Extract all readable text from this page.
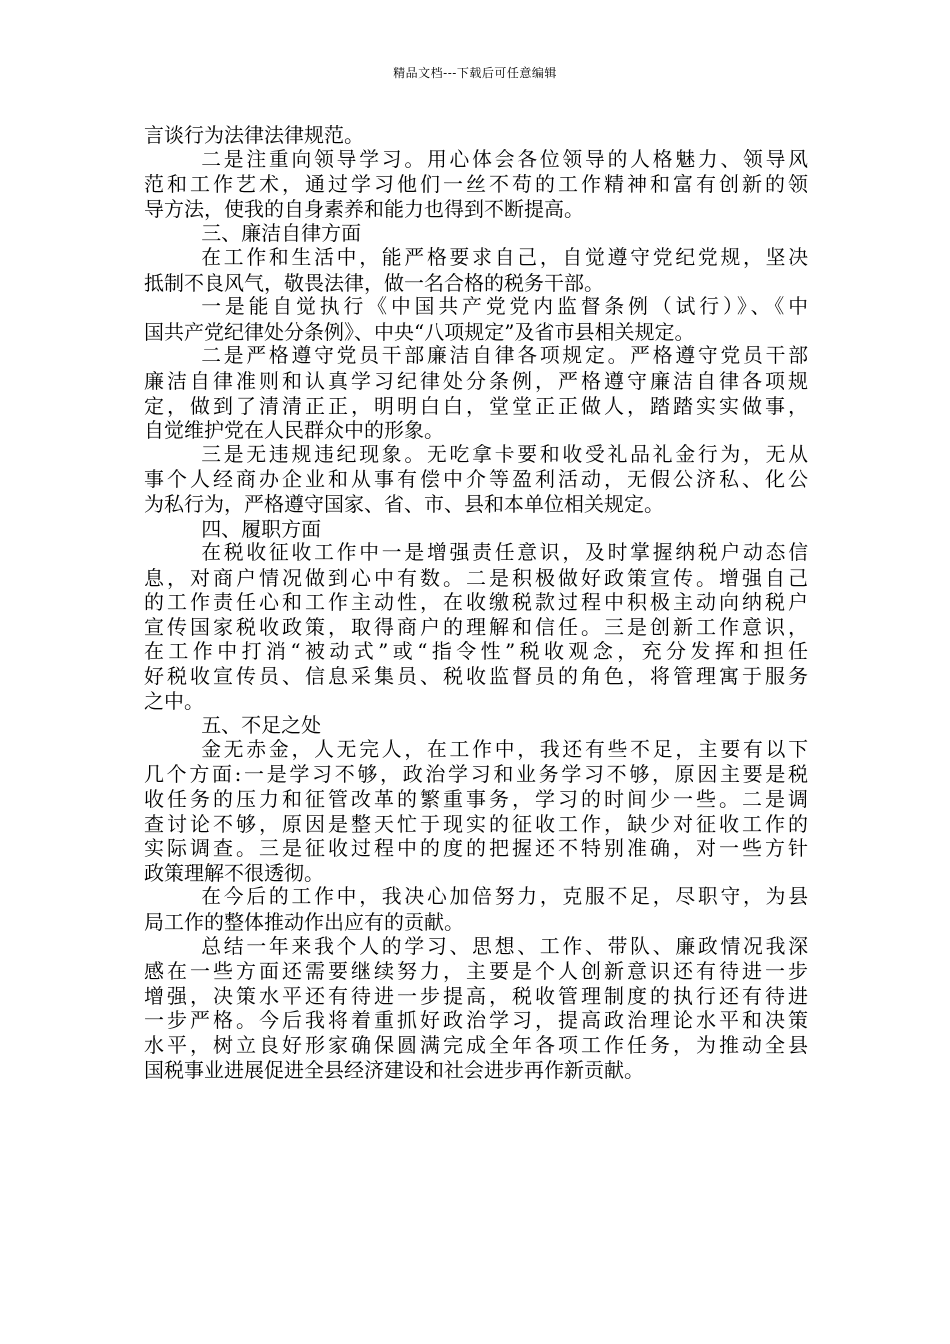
精品文档---下载后可任意编辑
言谈行为法律法律规范。
二是注重向领导学习。用心体会各位领导的人格魅力、领导风
范和工作艺术，通过学习他们一丝不苟的工作精神和富有创新的领
导方法，使我的自身素养和能力也得到不断提高。
三、廉洁自律方面
在工作和生活中，能严格要求自己，自觉遵守党纪党规，坚决
抵制不良风气，敬畏法律，做一名合格的税务干部。
一是能自觉执行《中国共产党党内监督条例（试行）》、《中
国共产党纪律处分条例》、中央“八项规定”及省市县相关规定。
二是严格遵守党员干部廉洁自律各项规定。严格遵守党员干部
廉洁自律准则和认真学习纪律处分条例，严格遵守廉洁自律各项规
定，做到了清清正正，明明白白，堂堂正正做人，踏踏实实做事，
自觉维护党在人民群众中的形象。
三是无违规违纪现象。无吃拿卡要和收受礼品礼金行为，无从
事个人经商办企业和从事有偿中介等盈利活动，无假公济私、化公
为私行为，严格遵守国家、省、市、县和本单位相关规定。
四、履职方面
在税收征收工作中一是增强责任意识，及时掌握纳税户动态信
息，对商户情况做到心中有数。二是积极做好政策宣传。增强自己
的工作责任心和工作主动性，在收缴税款过程中积极主动向纳税户
宣传国家税收政策，取得商户的理解和信任。三是创新工作意识，
在工作中打消“被动式”或“指令性”税收观念，充分发挥和担任
好税收宣传员、信息采集员、税收监督员的角色，将管理寓于服务
之中。
五、不足之处
金无赤金，人无完人，在工作中，我还有些不足，主要有以下
几个方面:一是学习不够，政治学习和业务学习不够，原因主要是税
收任务的压力和征管改革的繁重事务，学习的时间少一些。二是调
查讨论不够，原因是整天忙于现实的征收工作，缺少对征收工作的
实际调查。三是征收过程中的度的把握还不特别准确，对一些方针
政策理解不很透彻。
在今后的工作中，我决心加倍努力，克服不足，尽职守，为县
局工作的整体推动作出应有的贡献。
总结一年来我个人的学习、思想、工作、带队、廉政情况我深
感在一些方面还需要继续努力，主要是个人创新意识还有待进一步
增强，决策水平还有待进一步提高，税收管理制度的执行还有待进
一步严格。今后我将着重抓好政治学习，提高政治理论水平和决策
水平，树立良好形家确保圆满完成全年各项工作任务，为推动全县
国税事业进展促进全县经济建设和社会进步再作新贡献。
